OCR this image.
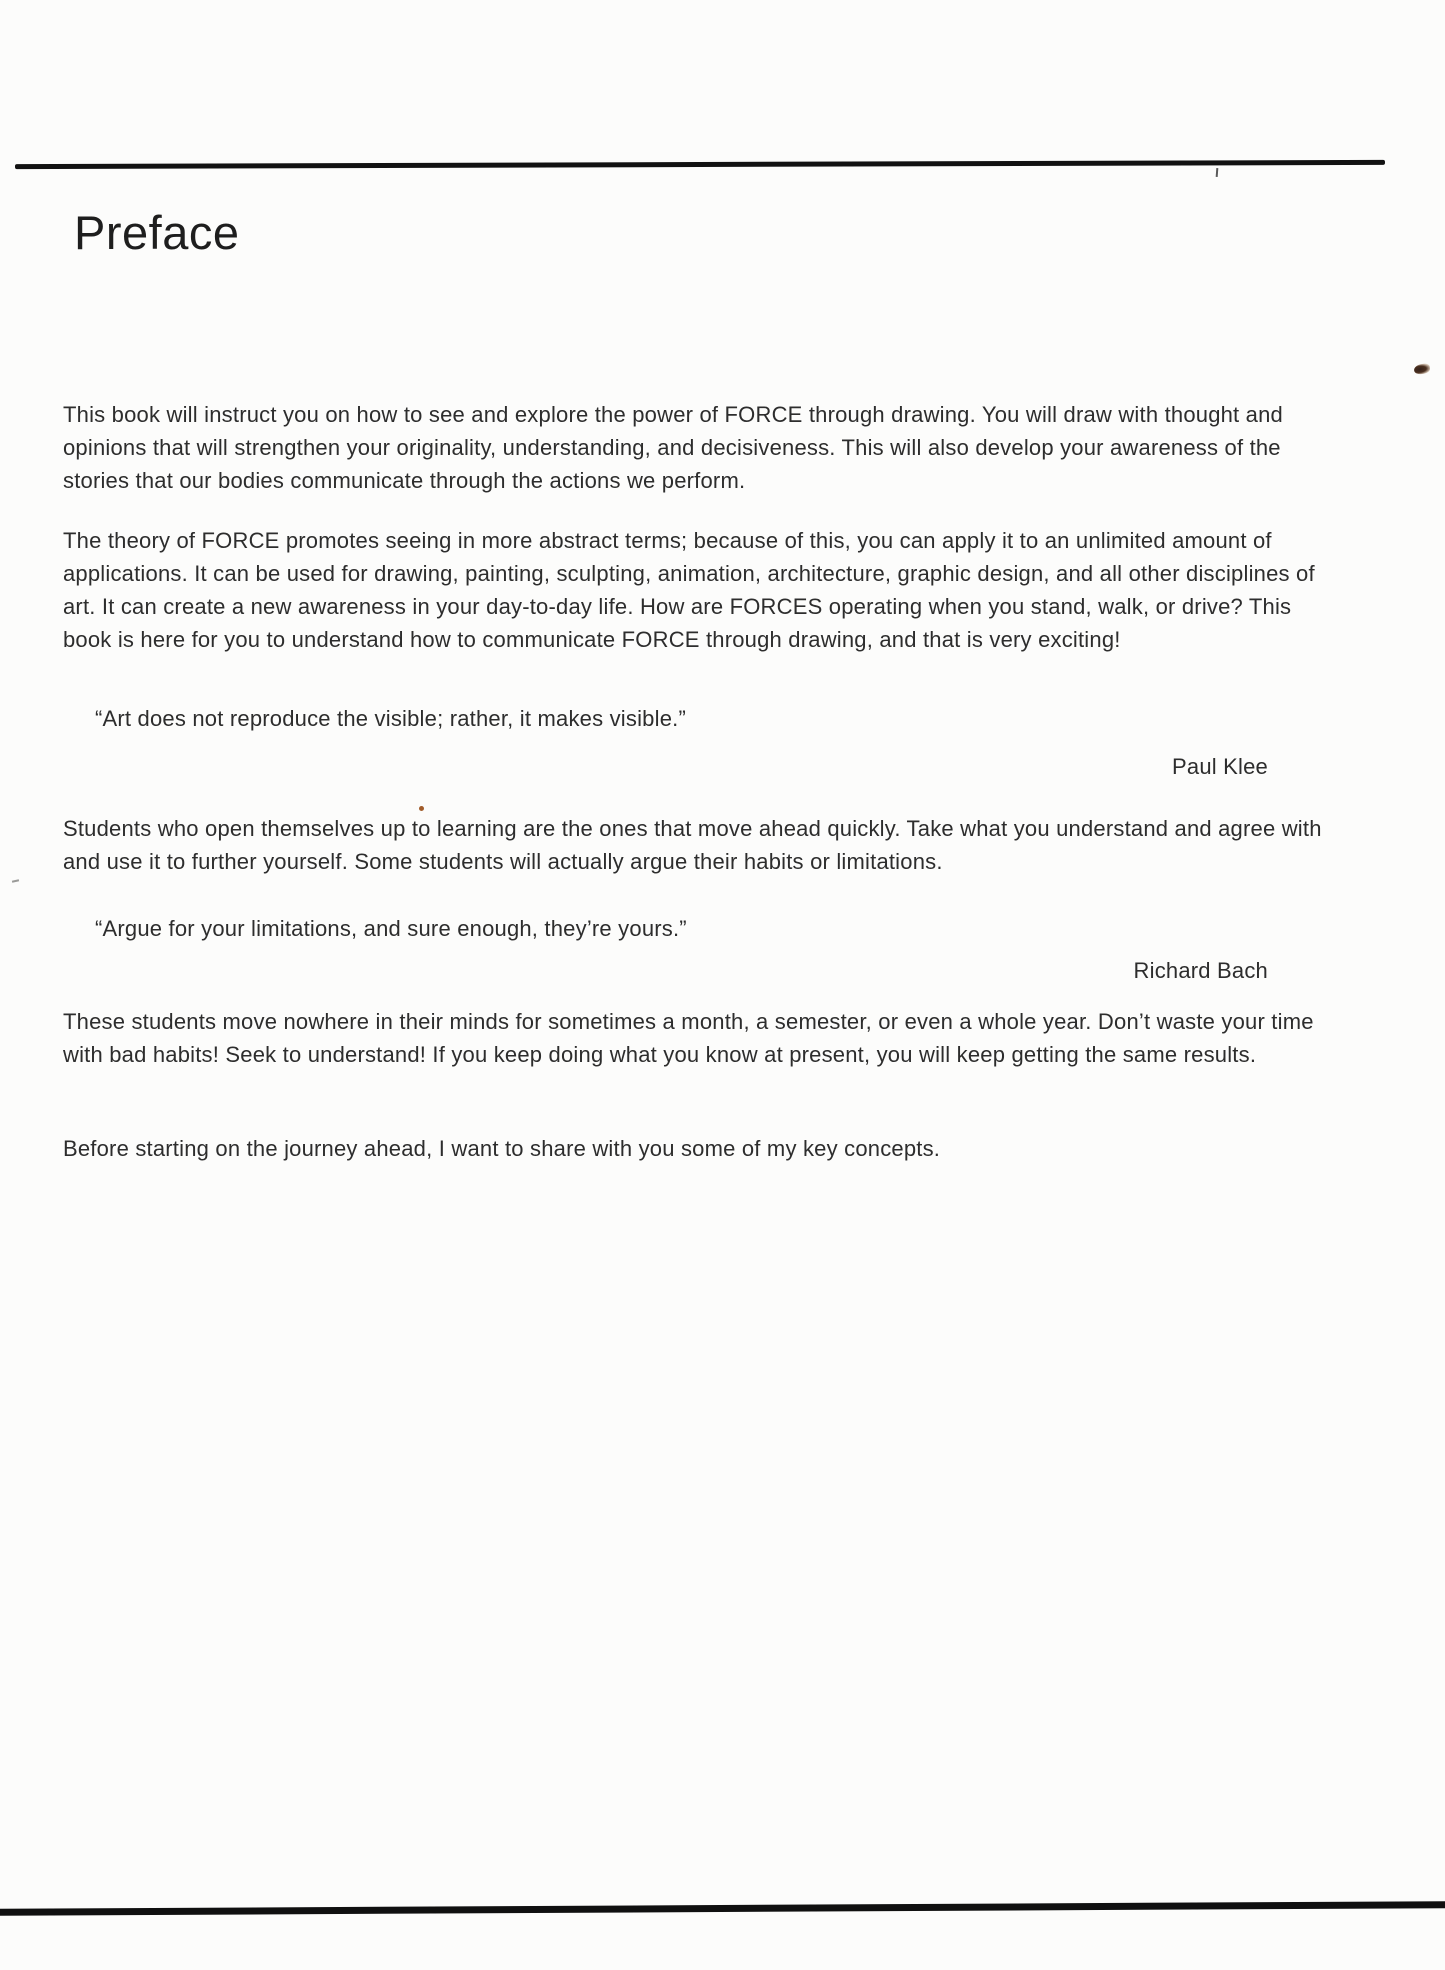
Preface

This book will instruct you on how to see and explore the power of FORCE through drawing. You will draw with thought and opinions that will strengthen your originality, understanding, and decisiveness. This will also develop your awareness of the stories that our bodies communicate through the actions we perform.

The theory of FORCE promotes seeing in more abstract terms; because of this, you can apply it to an unlimited amount of applications. It can be used for drawing, painting, sculpting, animation, architecture, graphic design, and all other disciplines of art. It can create a new awareness in your day-to-day life. How are FORCES operating when you stand, walk, or drive? This book is here for you to understand how to communicate FORCE through drawing, and that is very exciting!

“Art does not reproduce the visible; rather, it makes visible.”

Paul Klee

Students who open themselves up to learning are the ones that move ahead quickly. Take what you understand and agree with and use it to further yourself. Some students will actually argue their habits or limitations.

“Argue for your limitations, and sure enough, they’re yours.”

Richard Bach

These students move nowhere in their minds for sometimes a month, a semester, or even a whole year. Don’t waste your time with bad habits! Seek to understand! If you keep doing what you know at present, you will keep getting the same results.

Before starting on the journey ahead, I want to share with you some of my key concepts.
